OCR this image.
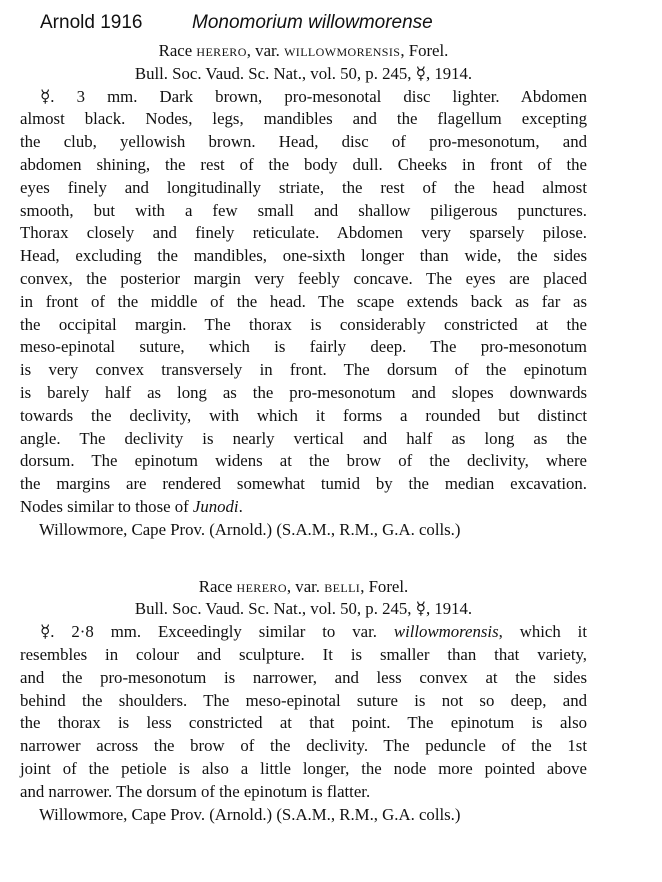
Arnold 1916	Monomorium willowmorense
Race herero, var. willowmorensis, Forel.
Bull. Soc. Vaud. Sc. Nat., vol. 50, p. 245, ☿, 1914.
☿. 3 mm. Dark brown, pro-mesonotal disc lighter. Abdomen
almost black. Nodes, legs, mandibles and the flagellum excepting
the club, yellowish brown. Head, disc of pro-mesonotum, and
abdomen shining, the rest of the body dull. Cheeks in front of the
eyes finely and longitudinally striate, the rest of the head almost
smooth, but with a few small and shallow piligerous punctures.
Thorax closely and finely reticulate. Abdomen very sparsely pilose.
Head, excluding the mandibles, one-sixth longer than wide, the sides
convex, the posterior margin very feebly concave. The eyes are placed
in front of the middle of the head. The scape extends back as far as
the occipital margin. The thorax is considerably constricted at the
meso-epinotal suture, which is fairly deep. The pro-mesonotum
is very convex transversely in front. The dorsum of the epinotum
is barely half as long as the pro-mesonotum and slopes downwards
towards the declivity, with which it forms a rounded but distinct
angle. The declivity is nearly vertical and half as long as the
dorsum. The epinotum widens at the brow of the declivity, where
the margins are rendered somewhat tumid by the median excavation.
Nodes similar to those of Junodi.
Willowmore, Cape Prov. (Arnold.) (S.A.M., R.M., G.A. colls.)
Race herero, var. belli, Forel.
Bull. Soc. Vaud. Sc. Nat., vol. 50, p. 245, ☿, 1914.
☿. 2·8 mm. Exceedingly similar to var. willowmorensis, which it
resembles in colour and sculpture. It is smaller than that variety,
and the pro-mesonotum is narrower, and less convex at the sides
behind the shoulders. The meso-epinotal suture is not so deep, and
the thorax is less constricted at that point. The epinotum is also
narrower across the brow of the declivity. The peduncle of the 1st
joint of the petiole is also a little longer, the node more pointed above
and narrower. The dorsum of the epinotum is flatter.
Willowmore, Cape Prov. (Arnold.) (S.A.M., R.M., G.A. colls.)
